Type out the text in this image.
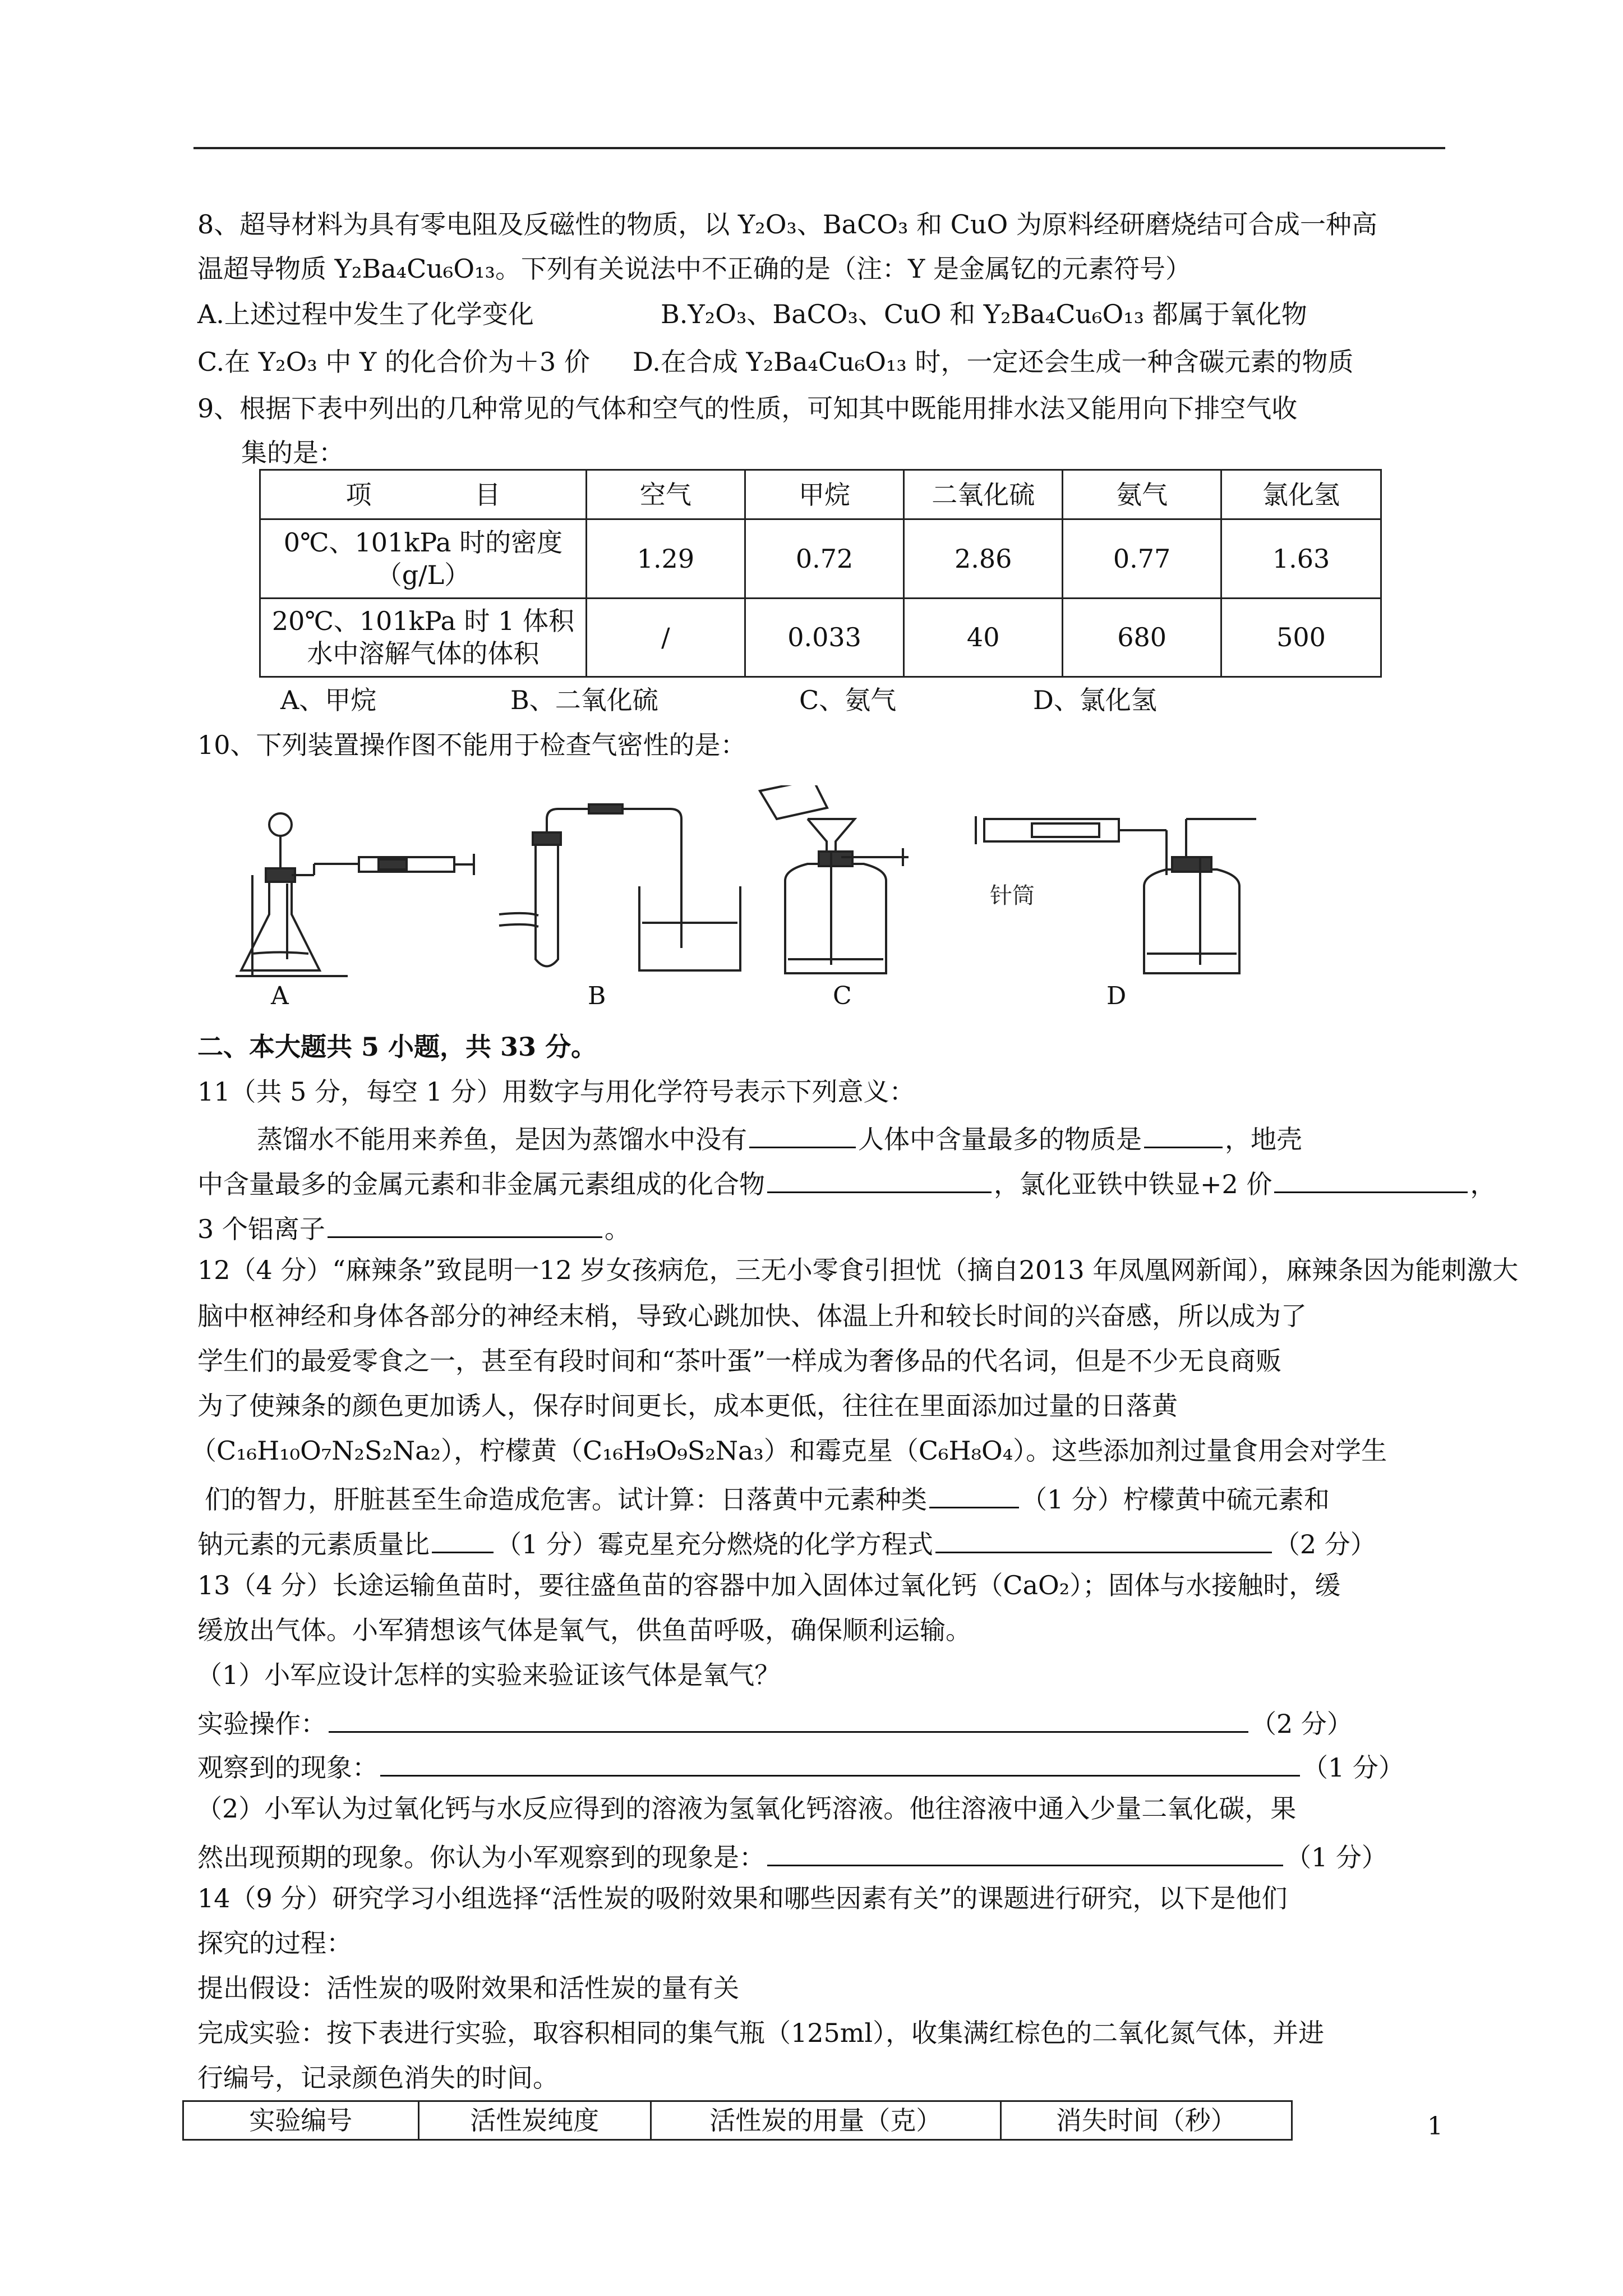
8、超导材料为具有零电阻及反磁性的物质，以 Y₂O₃、BaCO₃ 和 CuO 为原料经研磨烧结可合成一种高
温超导物质 Y₂Ba₄Cu₆O₁₃。下列有关说法中不正确的是（注：Y 是金属钇的元素符号）
A.上述过程中发生了化学变化	B.Y₂O₃、BaCO₃、CuO 和 Y₂Ba₄Cu₆O₁₃ 都属于氧化物
C.在 Y₂O₃ 中 Y 的化合价为＋3 价 D.在合成 Y₂Ba₄Cu₆O₁₃ 时，一定还会生成一种含碳元素的物质
9、根据下表中列出的几种常见的气体和空气的性质，可知其中既能用排水法又能用向下排空气收
集的是：
项　　　　目	空气	甲烷	二氧化硫	氨气	氯化氢
0℃、101kPa 时的密度
（g/L）	1.29	0.72	2.86	0.77	1.63
20℃、101kPa 时 1 体积
水中溶解气体的体积	/	0.033	40	680	500
A、甲烷	B、二氧化硫	C、氨气	D、氯化氢
10、下列装置操作图不能用于检查气密性的是：
针筒
A	B	C	D
二、本大题共 5 小题，共 33 分。
11（共 5 分，每空 1 分）用数字与用化学符号表示下列意义：
蒸馏水不能用来养鱼，是因为蒸馏水中没有	人体中含量最多的物质是	，地壳
中含量最多的金属元素和非金属元素组成的化合物	，氯化亚铁中铁显+2 价	，
3 个铝离子	。
12（4 分）“麻辣条”致昆明一12 岁女孩病危，三无小零食引担忧（摘自2013 年凤凰网新闻），麻辣条因为能刺激大
脑中枢神经和身体各部分的神经末梢，导致心跳加快、体温上升和较长时间的兴奋感，所以成为了
学生们的最爱零食之一，甚至有段时间和“茶叶蛋”一样成为奢侈品的代名词，但是不少无良商贩
为了使辣条的颜色更加诱人，保存时间更长，成本更低，往往在里面添加过量的日落黄
（C₁₆H₁₀O₇N₂S₂Na₂），柠檬黄（C₁₆H₉O₉S₂Na₃）和霉克星（C₆H₈O₄）。这些添加剂过量食用会对学生
们的智力，肝脏甚至生命造成危害。试计算：日落黄中元素种类	（1 分）柠檬黄中硫元素和
钠元素的元素质量比	（1 分）霉克星充分燃烧的化学方程式	（2 分）
13（4 分）长途运输鱼苗时，要往盛鱼苗的容器中加入固体过氧化钙（CaO₂）；固体与水接触时，缓
缓放出气体。小军猜想该气体是氧气，供鱼苗呼吸，确保顺利运输。
（1）小军应设计怎样的实验来验证该气体是氧气？
实验操作：	（2 分）
观察到的现象：	（1 分）
（2）小军认为过氧化钙与水反应得到的溶液为氢氧化钙溶液。他往溶液中通入少量二氧化碳，果
然出现预期的现象。你认为小军观察到的现象是：	（1 分）
14（9 分）研究学习小组选择“活性炭的吸附效果和哪些因素有关”的课题进行研究，以下是他们
探究的过程：
提出假设：活性炭的吸附效果和活性炭的量有关
完成实验：按下表进行实验，取容积相同的集气瓶（125ml），收集满红棕色的二氧化氮气体，并进
行编号，记录颜色消失的时间。
实验编号	活性炭纯度	活性炭的用量（克）	消失时间（秒）	1
